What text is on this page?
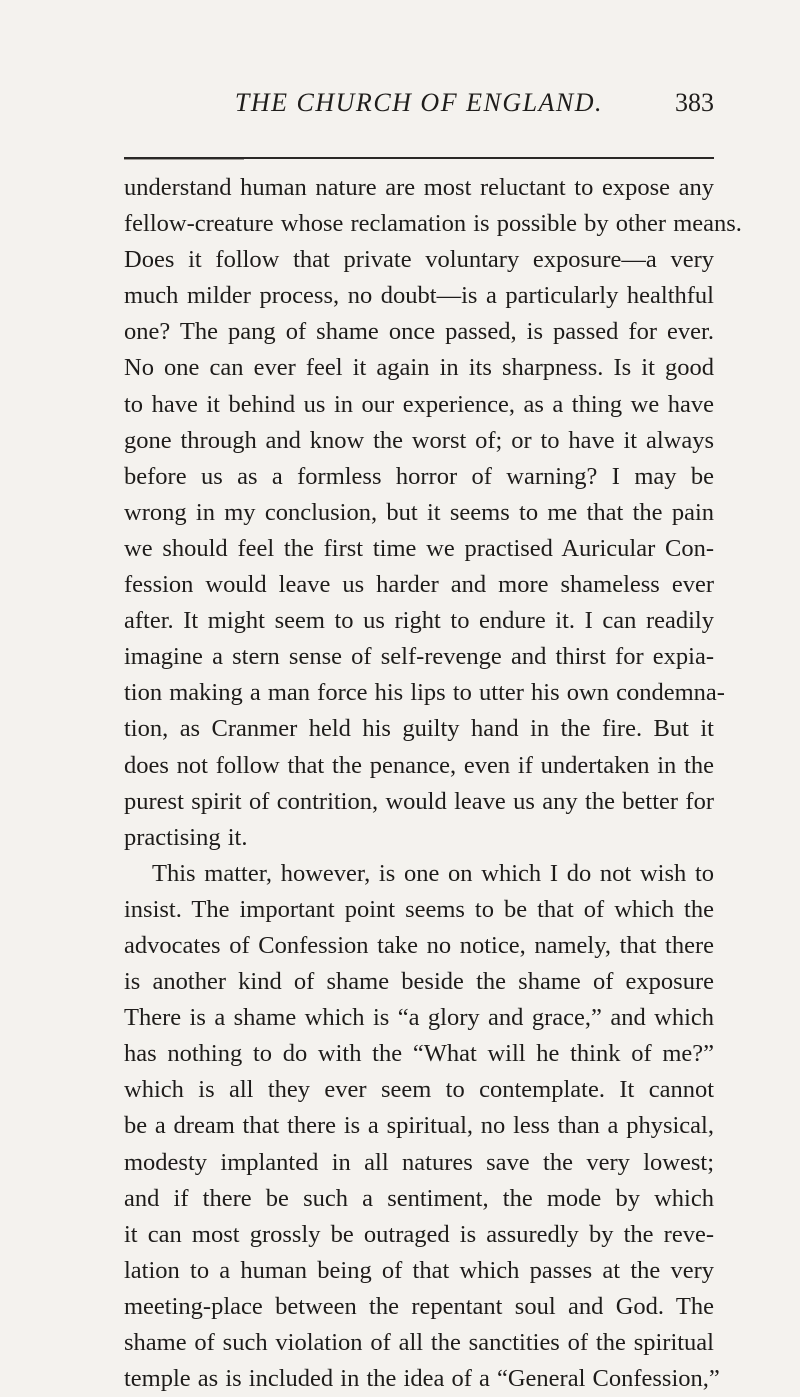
THE CHURCH OF ENGLAND.	383
understand human nature are most reluctant to expose any
fellow-creature whose reclamation is possible by other means.
Does it follow that private voluntary exposure—a very
much milder process, no doubt—is a particularly healthful
one? The pang of shame once passed, is passed for ever.
No one can ever feel it again in its sharpness. Is it good
to have it behind us in our experience, as a thing we have
gone through and know the worst of; or to have it always
before us as a formless horror of warning? I may be
wrong in my conclusion, but it seems to me that the pain
we should feel the first time we practised Auricular Con-
fession would leave us harder and more shameless ever
after. It might seem to us right to endure it. I can readily
imagine a stern sense of self-revenge and thirst for expia-
tion making a man force his lips to utter his own condemna-
tion, as Cranmer held his guilty hand in the fire. But it
does not follow that the penance, even if undertaken in the
purest spirit of contrition, would leave us any the better for
practising it.
This matter, however, is one on which I do not wish to
insist. The important point seems to be that of which the
advocates of Confession take no notice, namely, that there
is another kind of shame beside the shame of exposure
There is a shame which is “a glory and grace,” and which
has nothing to do with the “What will he think of me?”
which is all they ever seem to contemplate. It cannot
be a dream that there is a spiritual, no less than a physical,
modesty implanted in all natures save the very lowest;
and if there be such a sentiment, the mode by which
it can most grossly be outraged is assuredly by the reve-
lation to a human being of that which passes at the very
meeting-place between the repentant soul and God. The
shame of such violation of all the sanctities of the spiritual
temple as is included in the idea of a “General Confession,”
